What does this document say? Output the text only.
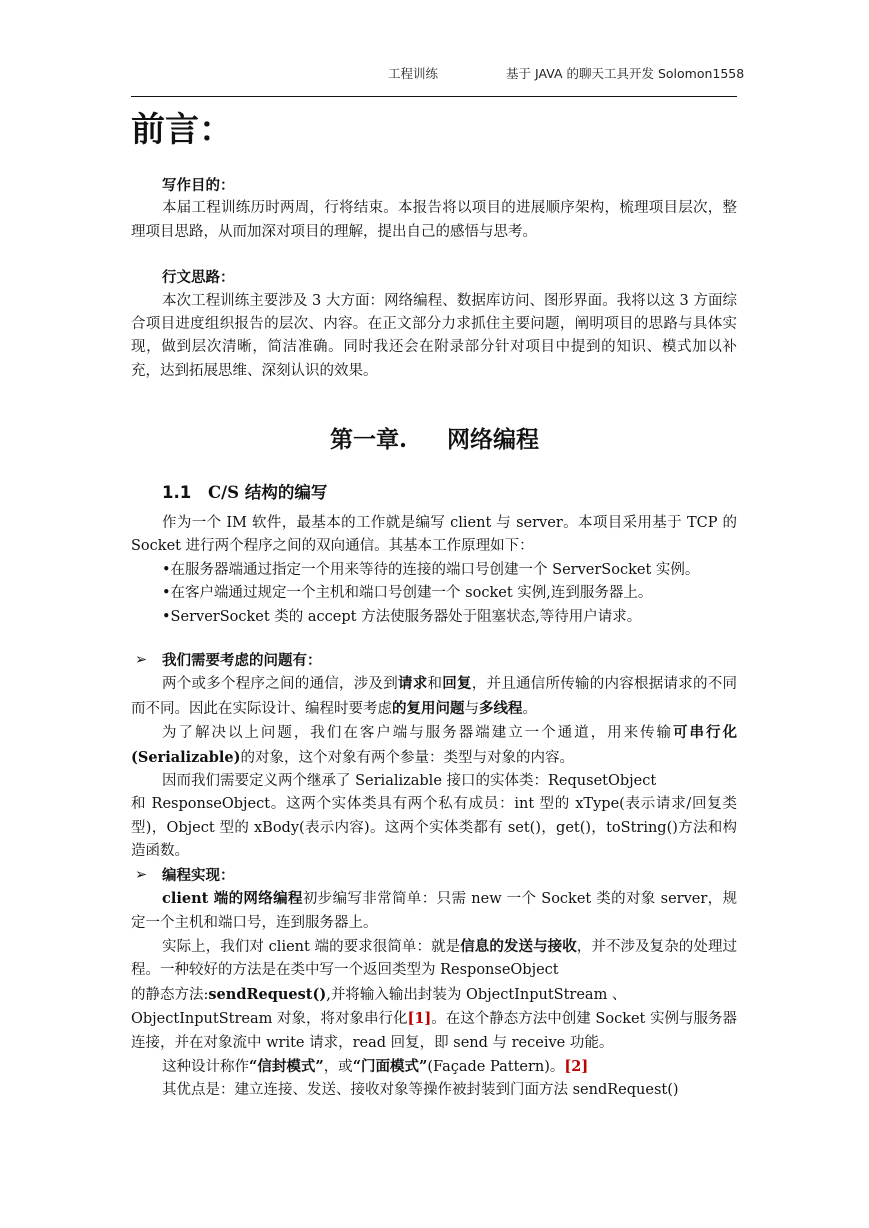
工程训练	基于 JAVA 的聊天工具开发 Solomon1558
前言：
写作目的：
本届工程训练历时两周，行将结束。本报告将以项目的进展顺序架构，梳理项目层次，整理项目思路，从而加深对项目的理解，提出自己的感悟与思考。
行文思路：
本次工程训练主要涉及 3 大方面：网络编程、数据库访问、图形界面。我将以这 3 方面综合项目进度组织报告的层次、内容。在正文部分力求抓住主要问题，阐明项目的思路与具体实现，做到层次清晰，简洁准确。同时我还会在附录部分针对项目中提到的知识、模式加以补充，达到拓展思维、深刻认识的效果。
第一章. 网络编程
1.1 C/S 结构的编写
作为一个 IM 软件，最基本的工作就是编写 client 与 server。本项目采用基于 TCP 的 Socket 进行两个程序之间的双向通信。其基本工作原理如下：
•在服务器端通过指定一个用来等待的连接的端口号创建一个 ServerSocket 实例。
•在客户端通过规定一个主机和端口号创建一个 socket 实例,连到服务器上。
•ServerSocket 类的 accept 方法使服务器处于阻塞状态,等待用户请求。
➢ 我们需要考虑的问题有：
两个或多个程序之间的通信，涉及到请求和回复，并且通信所传输的内容根据请求的不同而不同。因此在实际设计、编程时要考虑的复用问题与多线程。
为了解决以上问题，我们在客户端与服务器端建立一个通道，用来传输可串行化(Serializable)的对象，这个对象有两个参量：类型与对象的内容。
因而我们需要定义两个继承了 Serializable 接口的实体类：RequsetObject
和 ResponseObject。这两个实体类具有两个私有成员：int 型的 xType(表示请求/回复类型)，Object 型的 xBody(表示内容)。这两个实体类都有 set()，get()，toString()方法和构造函数。
➢ 编程实现：
client 端的网络编程初步编写非常简单：只需 new 一个 Socket 类的对象 server，规定一个主机和端口号，连到服务器上。
实际上，我们对 client 端的要求很简单：就是信息的发送与接收，并不涉及复杂的处理过程。一种较好的方法是在类中写一个返回类型为 ResponseObject
的静态方法:sendRequest(),并将输入输出封装为 ObjectInputStream 、
ObjectInputStream 对象，将对象串行化[1]。在这个静态方法中创建 Socket 实例与服务器连接，并在对象流中 write 请求，read 回复，即 send 与 receive 功能。
这种设计称作“信封模式”，或“门面模式”(Façade Pattern)。[2]
其优点是：建立连接、发送、接收对象等操作被封装到门面方法 sendRequest()
